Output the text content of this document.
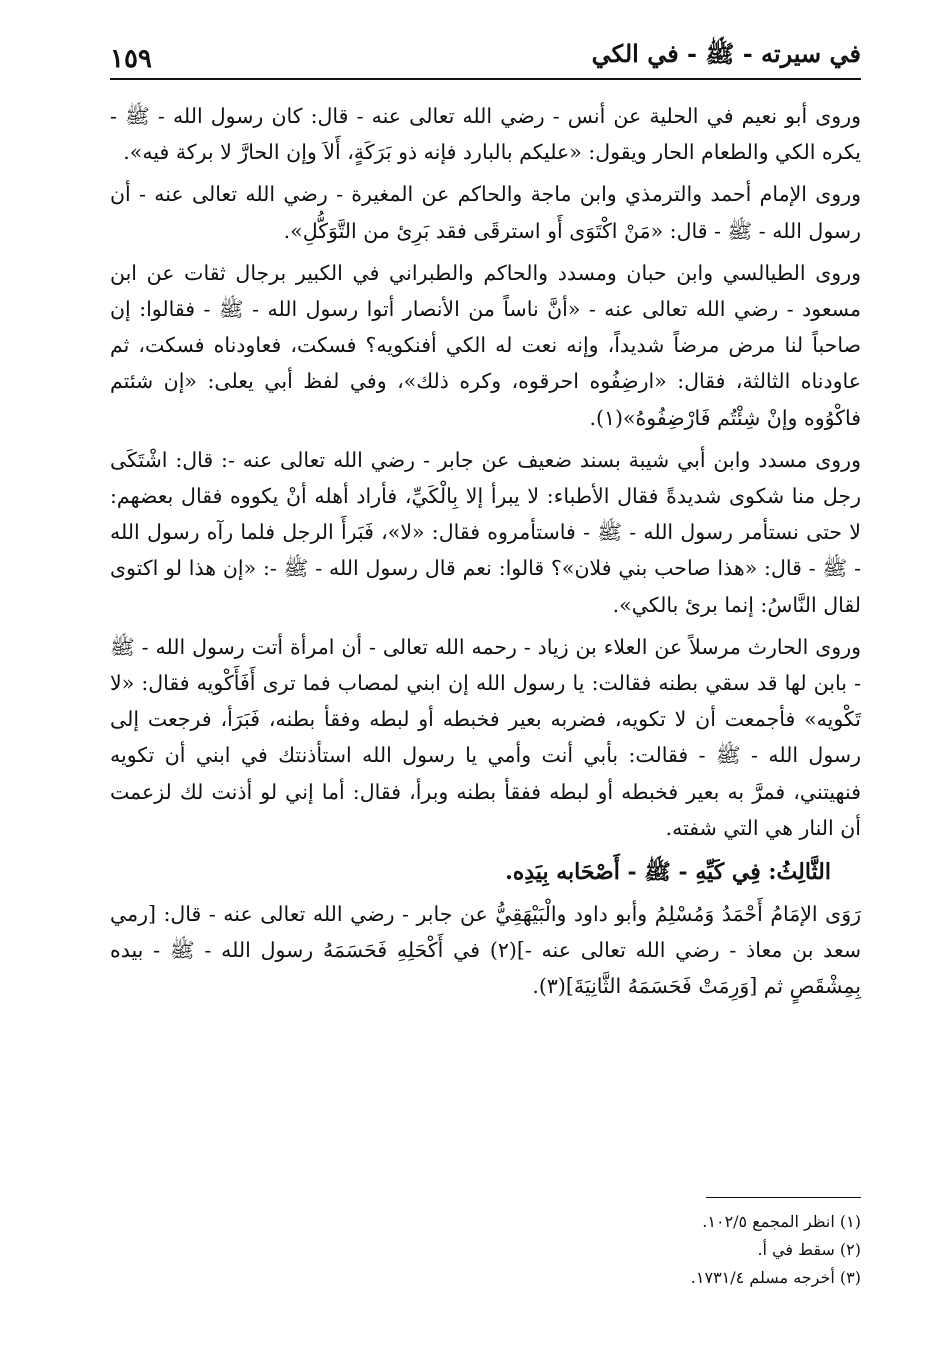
في سيرته - ﷺ - في الكي
١٥٩

وروى أبو نعيم في الحلية عن أنس - رضي الله تعالى عنه - قال: كان رسول الله - ﷺ - يكره الكي والطعام الحار ويقول: «عليكم بالبارد فإنه ذو بَرَكَةٍ، أَلاَ وإن الحارَّ لا بركة فيه».

وروى الإمام أحمد والترمذي وابن ماجة والحاكم عن المغيرة - رضي الله تعالى عنه - أن رسول الله - ﷺ - قال: «مَنْ اكْتَوَى أَو استرقَى فقد بَرِئ من التَّوَكُّلِ».

وروى الطيالسي وابن حبان ومسدد والحاكم والطبراني في الكبير برجال ثقات عن ابن مسعود - رضي الله تعالى عنه - «أنَّ ناساً من الأنصار أتوا رسول الله - ﷺ - فقالوا: إن صاحباً لنا مرض مرضاً شديداً، وإنه نعت له الكي أفنكويه؟ فسكت، فعاودناه فسكت، ثم عاودناه الثالثة، فقال: «ارضِفُوه احرقوه، وكره ذلك»، وفي لفظ أبي يعلى: «إن شئتم فاكْوُوه وإنْ شِئْتُم فَارْضِفُوهُ»(١).

وروى مسدد وابن أبي شيبة بسند ضعيف عن جابر - رضي الله تعالى عنه -: قال: اشْتَكَى رجل منا شكوى شديدةً فقال الأطباء: لا يبرأ إلا بِالْكَيِّ، فأراد أهله أنْ يكووه فقال بعضهم: لا حتى نستأمر رسول الله - ﷺ - فاستأمروه فقال: «لا»، فَبَرأَ الرجل فلما رآه رسول الله - ﷺ - قال: «هذا صاحب بني فلان»؟ قالوا: نعم قال رسول الله - ﷺ -: «إن هذا لو اكتوى لقال النَّاسُ: إنما برئ بالكي».

وروى الحارث مرسلاً عن العلاء بن زياد - رحمه الله تعالى - أن امرأة أتت رسول الله - ﷺ - بابن لها قد سقي بطنه فقالت: يا رسول الله إن ابني لمصاب فما ترى أَفَأَكْويه فقال: «لا تَكْويه» فأجمعت أن لا تكويه، فضربه بعير فخبطه أو لبطه وفقأ بطنه، فَبَرَأ، فرجعت إلى رسول الله - ﷺ - فقالت: بأبي أنت وأمي يا رسول الله استأذنتك في ابني أن تكويه فنهيتني، فمرَّ به بعير فخبطه أو لبطه ففقأ بطنه وبرأ، فقال: أما إني لو أذنت لك لزعمت أن النار هي التي شفته.

الثَّالِثُ: فِي كَيِّهِ - ﷺ - أَصْحَابه بِيَدِه.

رَوَى الإمَامُ أَحْمَدُ وَمُسْلِمُ وأبو داود والْبَيْهَقِيُّ عن جابر - رضي الله تعالى عنه - قال: [رمي سعد بن معاذ - رضي الله تعالى عنه -](٢) في أَكْحَلِهِ فَحَسَمَهُ رسول الله - ﷺ - بيده بِمِشْقَصٍ ثم [وَرِمَتْ فَحَسَمَهُ الثَّانِيَةَ](٣).

(١) انظر المجمع ١٠٢/٥.

(٢) سقط في أ.

(٣) أخرجه مسلم ١٧٣١/٤.
